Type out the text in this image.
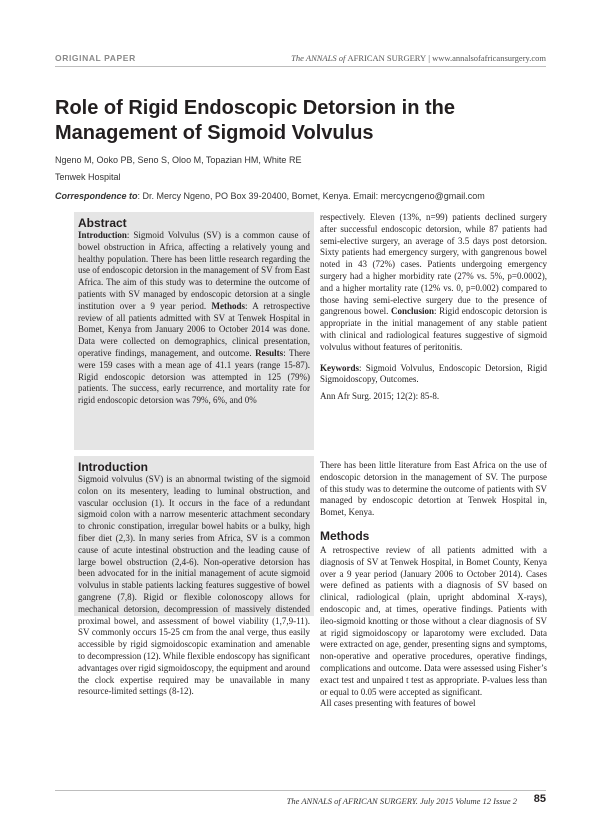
ORIGINAL PAPER	The ANNALS of AFRICAN SURGERY | www.annalsofafricansurgery.com
Role of Rigid Endoscopic Detorsion in the Management of Sigmoid Volvulus
Ngeno M, Ooko PB, Seno S, Oloo M, Topazian HM, White RE
Tenwek Hospital
Correspondence to: Dr. Mercy Ngeno, PO Box 39-20400, Bomet, Kenya. Email: mercycngeno@gmail.com

Abstract

Introduction: Sigmoid Volvulus (SV) is a common cause of bowel obstruction in Africa, affecting a relatively young and healthy population. There has been little research regarding the use of endoscopic detorsion in the management of SV from East Africa. The aim of this study was to determine the outcome of patients with SV managed by endoscopic detorsion at a single institution over a 9 year period. Methods: A retrospective review of all patients admitted with SV at Tenwek Hospital in Bomet, Kenya from January 2006 to October 2014 was done. Data were collected on demographics, clinical presentation, operative findings, management, and outcome. Results: There were 159 cases with a mean age of 41.1 years (range 15-87). Rigid endoscopic detorsion was attempted in 125 (79%) patients. The success, early recurrence, and mortality rate for rigid endoscopic detorsion was 79%, 6%, and 0%

Introduction

Sigmoid volvulus (SV) is an abnormal twisting of the sigmoid colon on its mesentery, leading to luminal obstruction, and vascular occlusion (1). It occurs in the face of a redundant sigmoid colon with a narrow mesenteric attachment secondary to chronic constipation, irregular bowel habits or a bulky, high fiber diet (2,3). In many series from Africa, SV is a common cause of acute intestinal obstruction and the leading cause of large bowel obstruction (2,4-6). Non-operative detorsion has been advocated for in the initial management of acute sigmoid volvulus in stable patients lacking features suggestive of bowel gangrene (7,8). Rigid or flexible colonoscopy allows for mechanical detorsion, decompression of massively distended proximal bowel, and assessment of bowel viability (1,7,9-11). SV commonly occurs 15-25 cm from the anal verge, thus easily accessible by rigid sigmoidoscopic examination and amenable to decompression (12). While flexible endoscopy has significant advantages over rigid sigmoidoscopy, the equipment and around the clock expertise required may be unavailable in many resource-limited settings (8-12).

respectively. Eleven (13%, n=99) patients declined surgery after successful endoscopic detorsion, while 87 patients had semi-elective surgery, an average of 3.5 days post detorsion. Sixty patients had emergency surgery, with gangrenous bowel noted in 43 (72%) cases. Patients undergoing emergency surgery had a higher morbidity rate (27% vs. 5%, p=0.0002), and a higher mortality rate (12% vs. 0, p=0.002) compared to those having semi-elective surgery due to the presence of gangrenous bowel. Conclusion: Rigid endoscopic detorsion is appropriate in the initial management of any stable patient with clinical and radiological features suggestive of sigmoid volvulus without features of peritonitis.

Keywords: Sigmoid Volvulus, Endoscopic Detorsion, Rigid Sigmoidoscopy, Outcomes.

Ann Afr Surg. 2015; 12(2): 85-8.

There has been little literature from East Africa on the use of endoscopic detorsion in the management of SV. The purpose of this study was to determine the outcome of patients with SV managed by endoscopic detortion at Tenwek Hospital in, Bomet, Kenya.

Methods

A retrospective review of all patients admitted with a diagnosis of SV at Tenwek Hospital, in Bomet County, Kenya over a 9 year period (January 2006 to October 2014). Cases were defined as patients with a diagnosis of SV based on clinical, radiological (plain, upright abdominal X-rays), endoscopic and, at times, operative findings. Patients with ileo-sigmoid knotting or those without a clear diagnosis of SV at rigid sigmoidoscopy or laparotomy were excluded. Data were extracted on age, gender, presenting signs and symptoms, non-operative and operative procedures, operative findings, complications and outcome. Data were assessed using Fisher’s exact test and unpaired t test as appropriate. P-values less than or equal to 0.05 were accepted as significant.

All cases presenting with features of bowel

The ANNALS of AFRICAN SURGERY. July 2015 Volume 12 Issue 2 85
